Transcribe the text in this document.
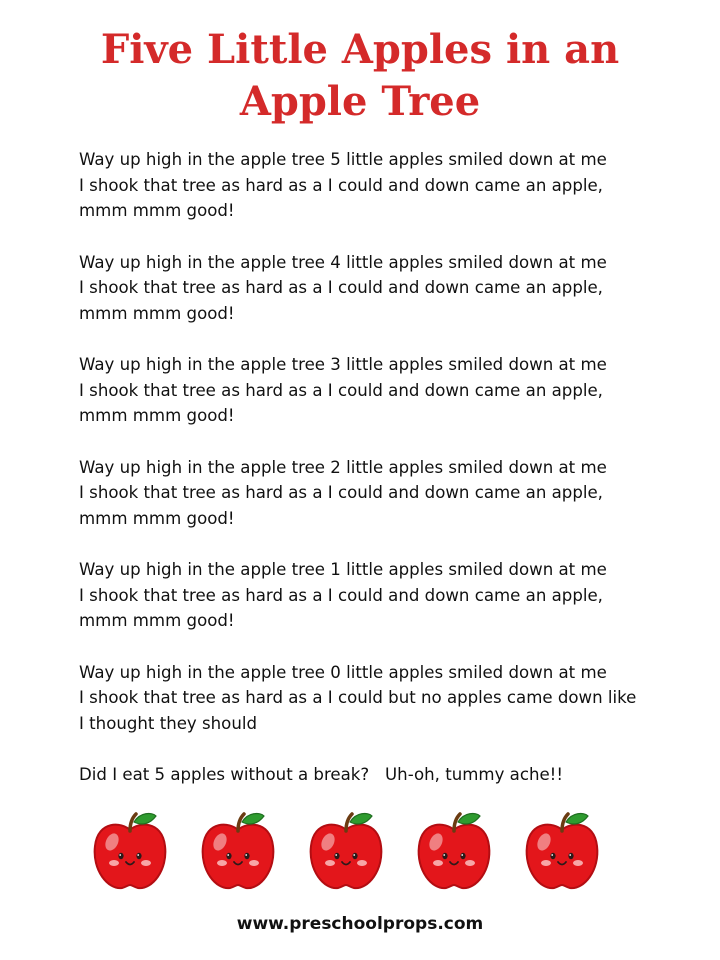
Five Little Apples in an
Apple Tree
Way up high in the apple tree 5 little apples smiled down at me
I shook that tree as hard as a I could and down came an apple,
mmm mmm good!
Way up high in the apple tree 4 little apples smiled down at me
I shook that tree as hard as a I could and down came an apple,
mmm mmm good!
Way up high in the apple tree 3 little apples smiled down at me
I shook that tree as hard as a I could and down came an apple,
mmm mmm good!
Way up high in the apple tree 2 little apples smiled down at me
I shook that tree as hard as a I could and down came an apple,
mmm mmm good!
Way up high in the apple tree 1 little apples smiled down at me
I shook that tree as hard as a I could and down came an apple,
mmm mmm good!
Way up high in the apple tree 0 little apples smiled down at me
I shook that tree as hard as a I could but no apples came down like
I thought they should
Did I eat 5 apples without a break?   Uh-oh, tummy ache!!
www.preschoolprops.com
